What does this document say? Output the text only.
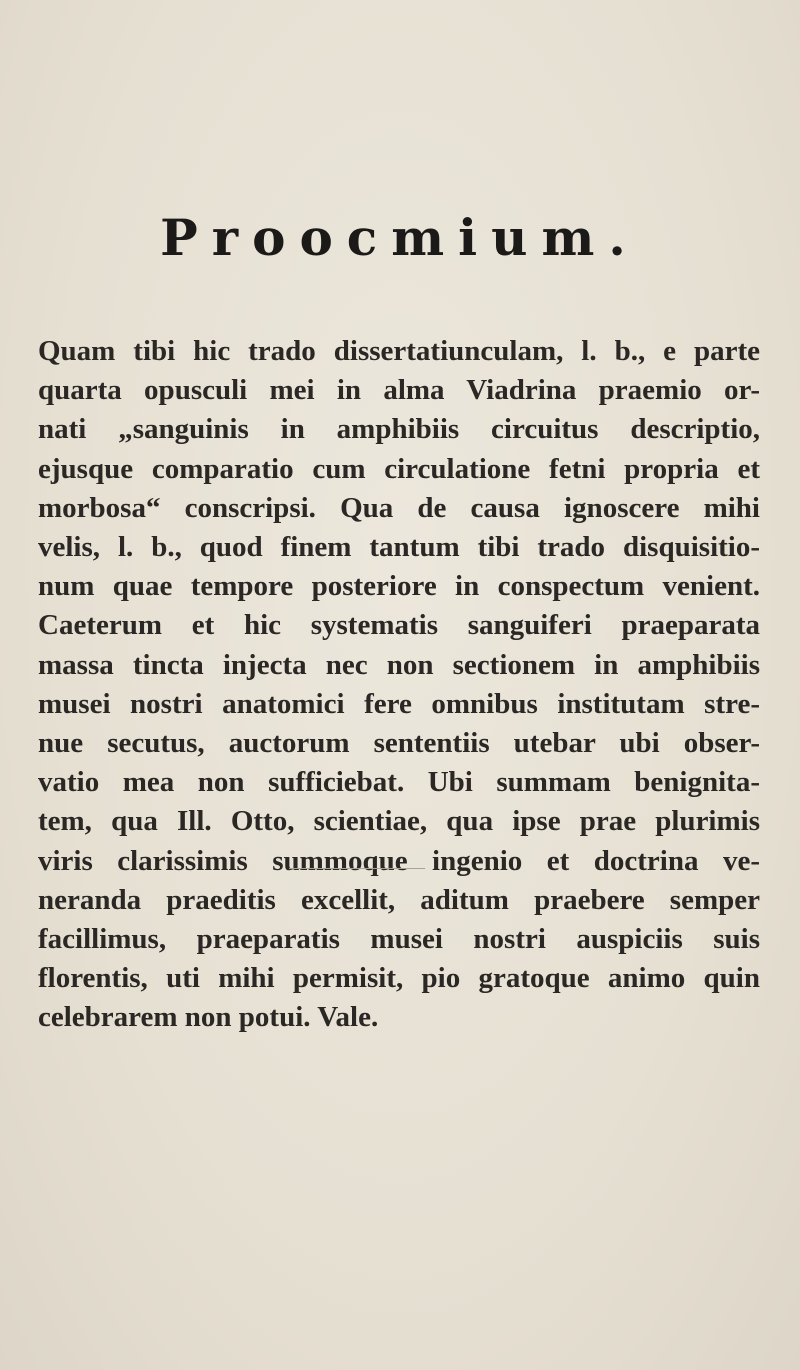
Proocmium.
Quam tibi hic trado dissertatiunculam, l. b., e parte
quarta opusculi mei in alma Viadrina praemio or-
nati „sanguinis in amphibiis circuitus descriptio,
ejusque comparatio cum circulatione fetni propria et
morbosa“ conscripsi. Qua de causa ignoscere mihi
velis, l. b., quod finem tantum tibi trado disquisitio-
num quae tempore posteriore in conspectum venient.
Caeterum et hic systematis sanguiferi praeparata
massa tincta injecta nec non sectionem in amphibiis
musei nostri anatomici fere omnibus institutam stre-
nue secutus, auctorum sententiis utebar ubi obser-
vatio mea non sufficiebat. Ubi summam benignita-
tem, qua Ill. Otto, scientiae, qua ipse prae plurimis
viris clarissimis summoque ingenio et doctrina ve-
neranda praeditis excellit, aditum praebere semper
facillimus, praeparatis musei nostri auspiciis suis
florentis, uti mihi permisit, pio gratoque animo quin
celebrarem non potui. Vale.
